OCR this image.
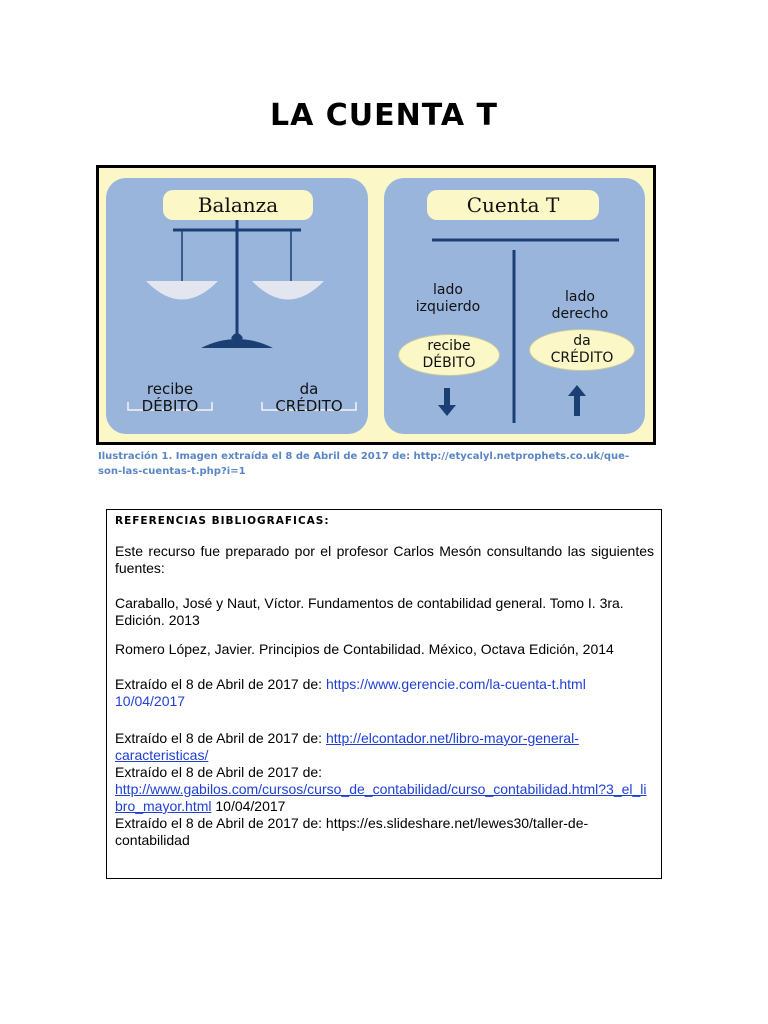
LA CUENTA T
Balanza
recibe
DÉBITO
da
CRÉDITO
Cuenta T
lado
izquierdo
lado
derecho
recibe
DÉBITO
da
CRÉDITO
Ilustración 1. Imagen extraída el 8 de Abril de 2017 de: http://etycalyl.netprophets.co.uk/que-
son-las-cuentas-t.php?i=1
REFERENCIAS BIBLIOGRAFICAS:

Este recurso fue preparado por el profesor Carlos Mesón consultando las siguientes fuentes:

Caraballo, José y Naut, Víctor. Fundamentos de contabilidad general. Tomo I. 3ra. Edición. 2013

Romero López, Javier. Principios de Contabilidad. México, Octava Edición, 2014

Extraído el 8 de Abril de 2017 de: https://www.gerencie.com/la-cuenta-t.html
10/04/2017

Extraído el 8 de Abril de 2017 de: http://elcontador.net/libro-mayor-general-caracteristicas/

Extraído el 8 de Abril de 2017 de:
http://www.gabilos.com/cursos/curso_de_contabilidad/curso_contabilidad.html?3_el_libro_mayor.html 10/04/2017

Extraído el 8 de Abril de 2017 de: https://es.slideshare.net/lewes30/taller-de-contabilidad
